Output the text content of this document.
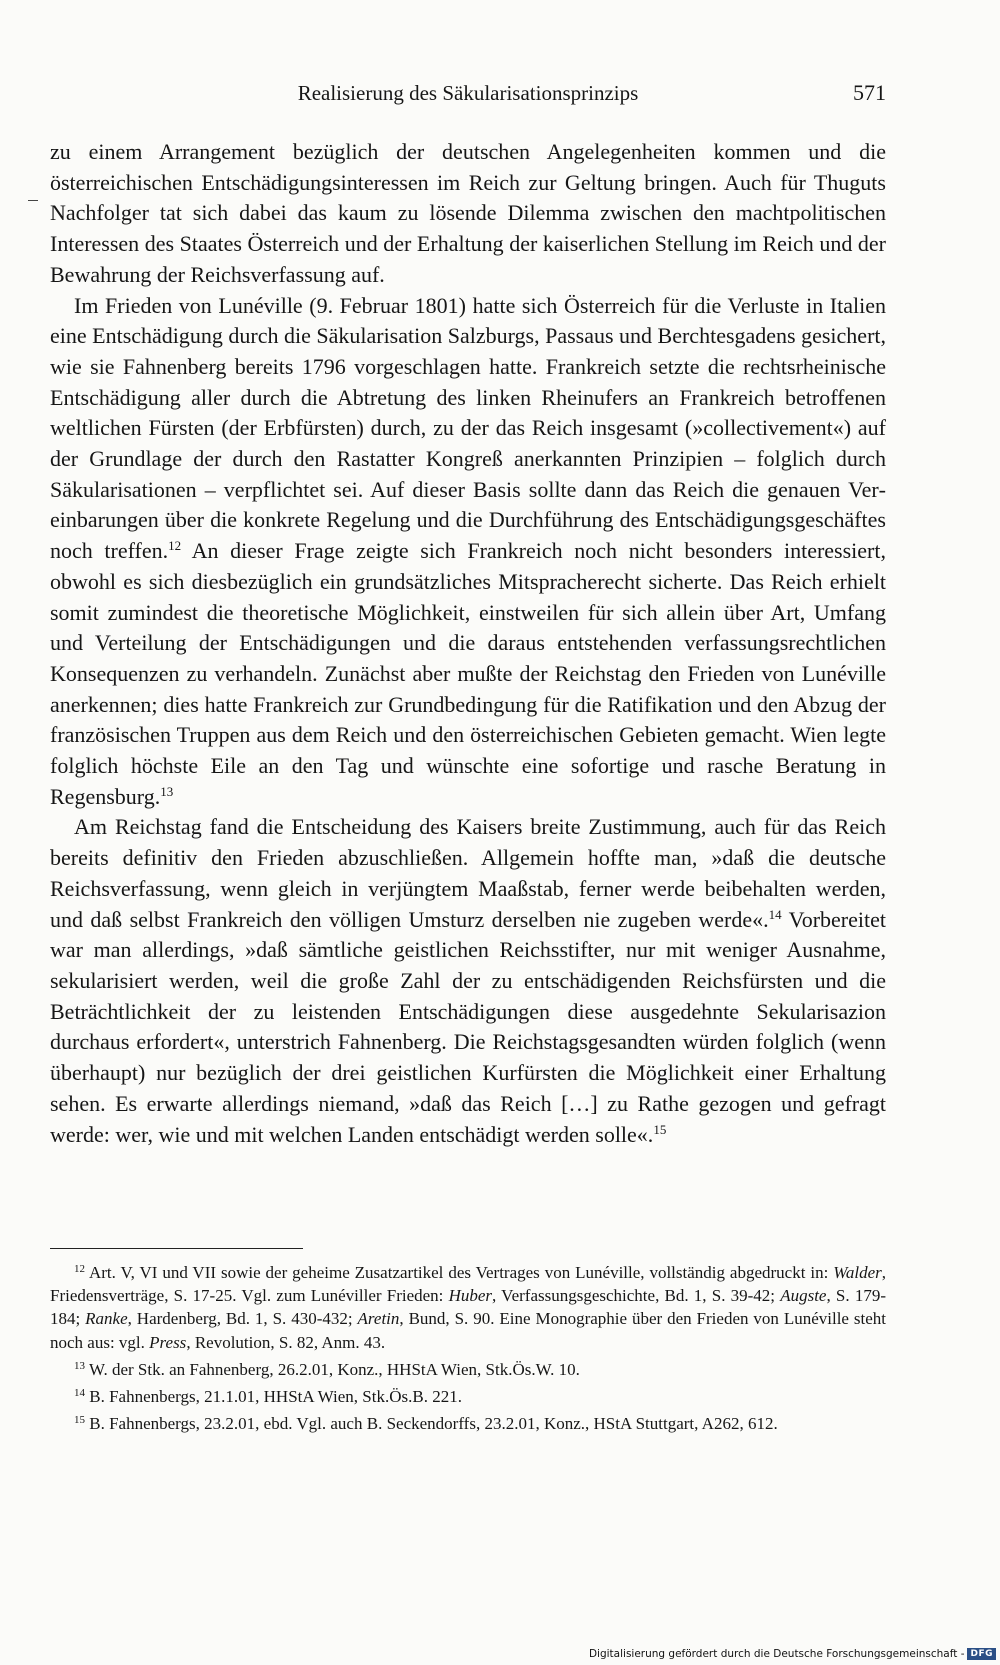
Realisierung des Säkularisationsprinzips	571

zu einem Arrangement bezüglich der deutschen Angelegenheiten kommen und die österreichischen Entschädigungsinteressen im Reich zur Geltung bringen. Auch für Thuguts Nachfolger tat sich dabei das kaum zu lösende Dilemma zwischen den machtpolitischen Interessen des Staates Österreich und der Erhaltung der kaiserlichen Stellung im Reich und der Bewahrung der Reichsverfassung auf.

Im Frieden von Lunéville (9. Februar 1801) hatte sich Österreich für die Verluste in Italien eine Entschädigung durch die Säkularisation Salzburgs, Passaus und Berchtesgadens gesichert, wie sie Fahnenberg bereits 1796 vorgeschlagen hatte. Frankreich setzte die rechtsrheinische Entschädigung aller durch die Abtretung des linken Rheinufers an Frankreich betroffenen weltlichen Fürsten (der Erbfürsten) durch, zu der das Reich insgesamt (»collectivement«) auf der Grundlage der durch den Rastatter Kongreß anerkannten Prinzipien – folglich durch Säkularisationen – verpflichtet sei. Auf dieser Basis sollte dann das Reich die genauen Vereinbarungen über die konkrete Regelung und die Durchführung des Entschädigungsgeschäftes noch treffen.$^{12}$ An dieser Frage zeigte sich Frankreich noch nicht besonders interessiert, obwohl es sich diesbezüglich ein grundsätzliches Mitspracherecht sicherte. Das Reich erhielt somit zumindest die theoretische Möglichkeit, einstweilen für sich allein über Art, Umfang und Verteilung der Entschädigungen und die daraus entstehenden verfassungsrechtlichen Konsequenzen zu verhandeln. Zunächst aber mußte der Reichstag den Frieden von Lunéville anerkennen; dies hatte Frankreich zur Grundbedingung für die Ratifikation und den Abzug der französischen Truppen aus dem Reich und den österreichischen Gebieten gemacht. Wien legte folglich höchste Eile an den Tag und wünschte eine sofortige und rasche Beratung in Regensburg.$^{13}$

Am Reichstag fand die Entscheidung des Kaisers breite Zustimmung, auch für das Reich bereits definitiv den Frieden abzuschließen. Allgemein hoffte man, »daß die deutsche Reichsverfassung, wenn gleich in verjüngtem Maaßstab, ferner werde beibehalten werden, und daß selbst Frankreich den völligen Umsturz derselben nie zugeben werde«.$^{14}$ Vorbereitet war man allerdings, »daß sämtliche geistlichen Reichsstifter, nur mit weniger Ausnahme, sekularisiert werden, weil die große Zahl der zu entschädigenden Reichsfürsten und die Beträchtlichkeit der zu leistenden Entschädigungen diese ausgedehnte Sekularisazion durchaus erfordert«, unterstrich Fahnenberg. Die Reichstagsgesandten würden folglich (wenn überhaupt) nur bezüglich der drei geistlichen Kurfürsten die Möglichkeit einer Erhaltung sehen. Es erwarte allerdings niemand, »daß das Reich […] zu Rathe gezogen und gefragt werde: wer, wie und mit welchen Landen entschädigt werden solle«.$^{15}$

$^{12}$ Art. V, VI und VII sowie der geheime Zusatzartikel des Vertrages von Lunéville, vollständig abgedruckt in: Walder, Friedensverträge, S. 17-25. Vgl. zum Lunéviller Frieden: Huber, Verfassungsgeschichte, Bd. 1, S. 39-42; Augste, S. 179-184; Ranke, Hardenberg, Bd. 1, S. 430-432; Aretin, Bund, S. 90. Eine Monographie über den Frieden von Lunéville steht noch aus: vgl. Press, Revolution, S. 82, Anm. 43.

$^{13}$ W. der Stk. an Fahnenberg, 26.2.01, Konz., HHStA Wien, Stk.Ös.W. 10.

$^{14}$ B. Fahnenbergs, 21.1.01, HHStA Wien, Stk.Ös.B. 221.

$^{15}$ B. Fahnenbergs, 23.2.01, ebd. Vgl. auch B. Seckendorffs, 23.2.01, Konz., HStA Stuttgart, A262, 612.

Digitalisierung gefördert durch die Deutsche Forschungsgemeinschaft - DFG
